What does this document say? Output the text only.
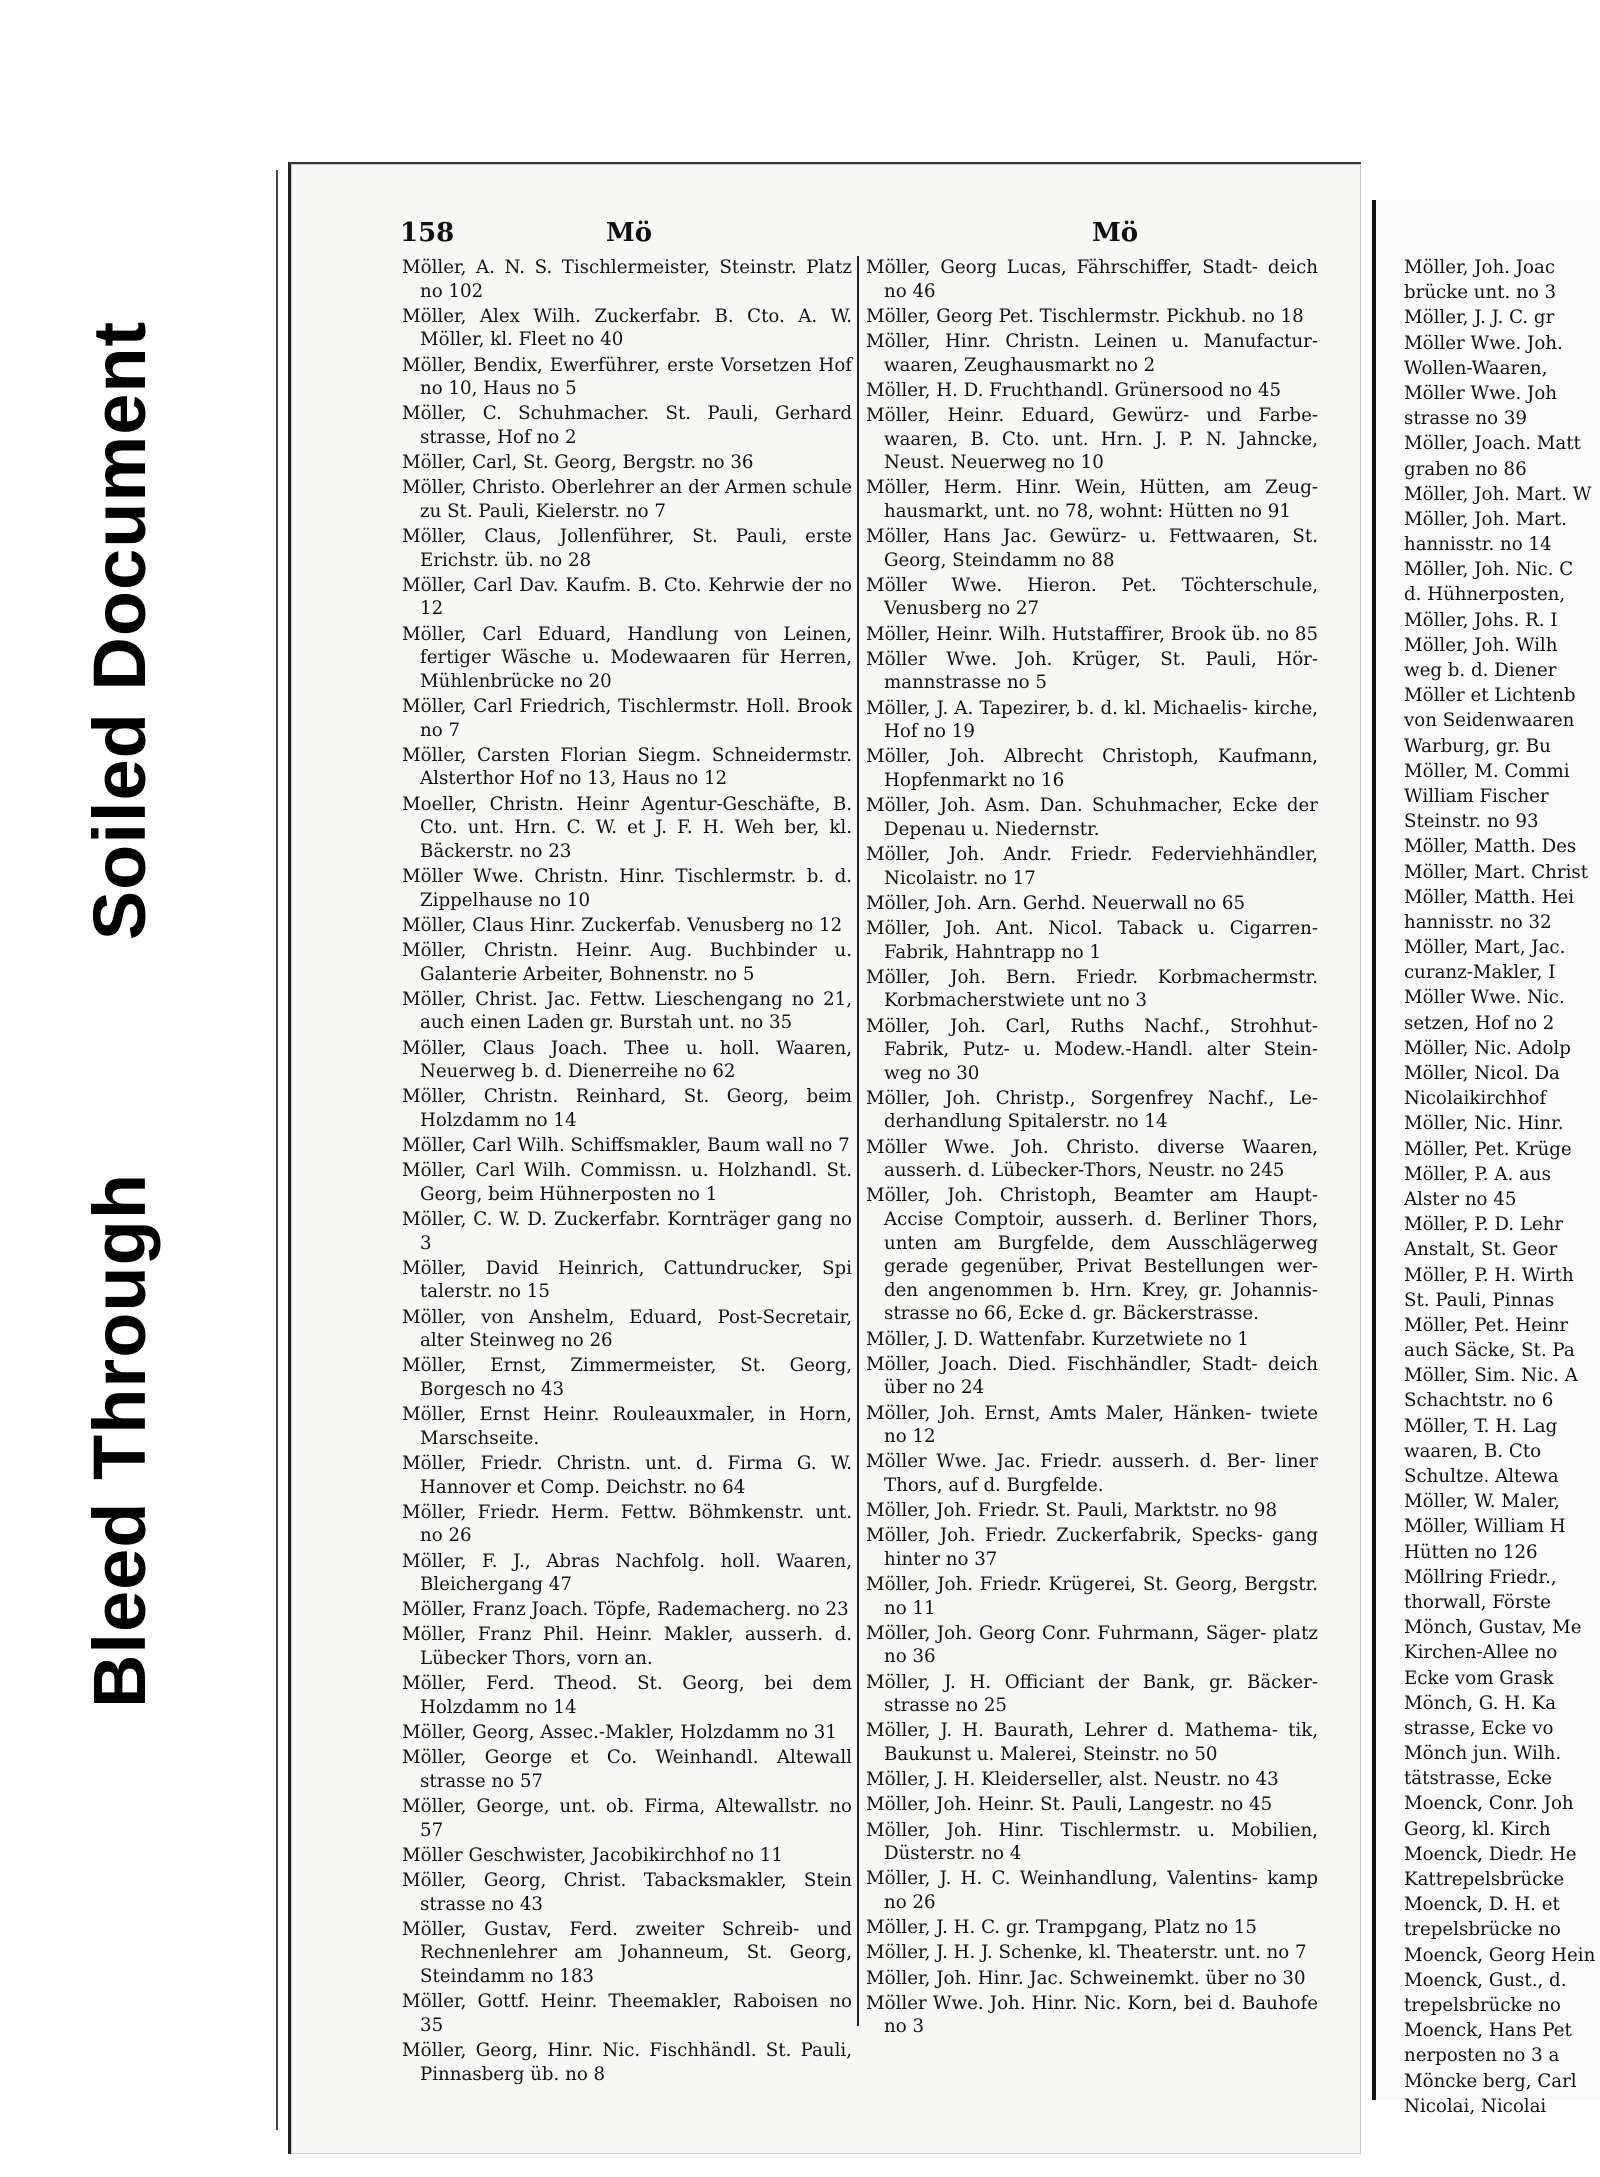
Soiled Document
Bleed Through
158	Mö	Mö
Möller, A. N. S. Tischlermeister, Steinstr. Platz no 102
Möller, Alex Wilh. Zuckerfabr. B. Cto. A. W. Möller, kl. Fleet no 40
Möller, Bendix, Ewerführer, erste Vorsetzen Hof no 10, Haus no 5
Möller, C. Schuhmacher. St. Pauli, Gerhard strasse, Hof no 2
Möller, Carl, St. Georg, Bergstr. no 36
Möller, Christo. Oberlehrer an der Armen schule zu St. Pauli, Kielerstr. no 7
Möller, Claus, Jollenführer, St. Pauli, erste Erichstr. üb. no 28
Möller, Carl Dav. Kaufm. B. Cto. Kehrwie der no 12
Möller, Carl Eduard, Handlung von Leinen, fertiger Wäsche u. Modewaaren für Herren, Mühlenbrücke no 20
Möller, Carl Friedrich, Tischlermstr. Holl. Brook no 7
Möller, Carsten Florian Siegm. Schneidermstr. Alsterthor Hof no 13, Haus no 12
Moeller, Christn. Heinr Agentur-Geschäfte, B. Cto. unt. Hrn. C. W. et J. F. H. Weh ber, kl. Bäckerstr. no 23
Möller Wwe. Christn. Hinr. Tischlermstr. b. d. Zippelhause no 10
Möller, Claus Hinr. Zuckerfab. Venusberg no 12
Möller, Christn. Heinr. Aug. Buchbinder u. Galanterie Arbeiter, Bohnenstr. no 5
Möller, Christ. Jac. Fettw. Lieschengang no 21, auch einen Laden gr. Burstah unt. no 35
Möller, Claus Joach. Thee u. holl. Waaren, Neuerweg b. d. Dienerreihe no 62
Möller, Christn. Reinhard, St. Georg, beim Holzdamm no 14
Möller, Carl Wilh. Schiffsmakler, Baum wall no 7
Möller, Carl Wilh. Commissn. u. Holzhandl. St. Georg, beim Hühnerposten no 1
Möller, C. W. D. Zuckerfabr. Kornträger gang no 3
Möller, David Heinrich, Cattundrucker, Spi talerstr. no 15
Möller, von Anshelm, Eduard, Post-Secretair, alter Steinweg no 26
Möller, Ernst, Zimmermeister, St. Georg, Borgesch no 43
Möller, Ernst Heinr. Rouleauxmaler, in Horn, Marschseite.
Möller, Friedr. Christn. unt. d. Firma G. W. Hannover et Comp. Deichstr. no 64
Möller, Friedr. Herm. Fettw. Böhmkenstr. unt. no 26
Möller, F. J., Abras Nachfolg. holl. Waaren, Bleichergang 47
Möller, Franz Joach. Töpfe, Rademacherg. no 23
Möller, Franz Phil. Heinr. Makler, ausserh. d. Lübecker Thors, vorn an.
Möller, Ferd. Theod. St. Georg, bei dem Holzdamm no 14
Möller, Georg, Assec.-Makler, Holzdamm no 31
Möller, George et Co. Weinhandl. Altewall strasse no 57
Möller, George, unt. ob. Firma, Altewallstr. no 57
Möller Geschwister, Jacobikirchhof no 11
Möller, Georg, Christ. Tabacksmakler, Stein strasse no 43
Möller, Gustav, Ferd. zweiter Schreib- und Rechnenlehrer am Johanneum, St. Georg, Steindamm no 183
Möller, Gottf. Heinr. Theemakler, Raboisen no 35
Möller, Georg, Hinr. Nic. Fischhändl. St. Pauli, Pinnasberg üb. no 8
Möller, Georg Lucas, Fährschiffer, Stadt- deich no 46
Möller, Georg Pet. Tischlermstr. Pickhub. no 18
Möller, Hinr. Christn. Leinen u. Manufactur- waaren, Zeughausmarkt no 2
Möller, H. D. Fruchthandl. Grünersood no 45
Möller, Heinr. Eduard, Gewürz- und Farbe- waaren, B. Cto. unt. Hrn. J. P. N. Jahncke, Neust. Neuerweg no 10
Möller, Herm. Hinr. Wein, Hütten, am Zeug- hausmarkt, unt. no 78, wohnt: Hütten no 91
Möller, Hans Jac. Gewürz- u. Fettwaaren, St. Georg, Steindamm no 88
Möller Wwe. Hieron. Pet. Töchterschule, Venusberg no 27
Möller, Heinr. Wilh. Hutstaffirer, Brook üb. no 85
Möller Wwe. Joh. Krüger, St. Pauli, Hör- mannstrasse no 5
Möller, J. A. Tapezirer, b. d. kl. Michaelis- kirche, Hof no 19
Möller, Joh. Albrecht Christoph, Kaufmann, Hopfenmarkt no 16
Möller, Joh. Asm. Dan. Schuhmacher, Ecke der Depenau u. Niedernstr.
Möller, Joh. Andr. Friedr. Federviehhändler, Nicolaistr. no 17
Möller, Joh. Arn. Gerhd. Neuerwall no 65
Möller, Joh. Ant. Nicol. Taback u. Cigarren- Fabrik, Hahntrapp no 1
Möller, Joh. Bern. Friedr. Korbmachermstr. Korbmacherstwiete unt no 3
Möller, Joh. Carl, Ruths Nachf., Strohhut- Fabrik, Putz- u. Modew.-Handl. alter Stein- weg no 30
Möller, Joh. Christp., Sorgenfrey Nachf., Le- derhandlung Spitalerstr. no 14
Möller Wwe. Joh. Christo. diverse Waaren, ausserh. d. Lübecker-Thors, Neustr. no 245
Möller, Joh. Christoph, Beamter am Haupt- Accise Comptoir, ausserh. d. Berliner Thors, unten am Burgfelde, dem Ausschlägerweg gerade gegenüber, Privat Bestellungen wer- den angenommen b. Hrn. Krey, gr. Johannis- strasse no 66, Ecke d. gr. Bäckerstrasse.
Möller, J. D. Wattenfabr. Kurzetwiete no 1
Möller, Joach. Died. Fischhändler, Stadt- deich über no 24
Möller, Joh. Ernst, Amts Maler, Hänken- twiete no 12
Möller Wwe. Jac. Friedr. ausserh. d. Ber- liner Thors, auf d. Burgfelde.
Möller, Joh. Friedr. St. Pauli, Marktstr. no 98
Möller, Joh. Friedr. Zuckerfabrik, Specks- gang hinter no 37
Möller, Joh. Friedr. Krügerei, St. Georg, Bergstr. no 11
Möller, Joh. Georg Conr. Fuhrmann, Säger- platz no 36
Möller, J. H. Officiant der Bank, gr. Bäcker- strasse no 25
Möller, J. H. Baurath, Lehrer d. Mathema- tik, Baukunst u. Malerei, Steinstr. no 50
Möller, J. H. Kleiderseller, alst. Neustr. no 43
Möller, Joh. Heinr. St. Pauli, Langestr. no 45
Möller, Joh. Hinr. Tischlermstr. u. Mobilien, Düsterstr. no 4
Möller, J. H. C. Weinhandlung, Valentins- kamp no 26
Möller, J. H. C. gr. Trampgang, Platz no 15
Möller, J. H. J. Schenke, kl. Theaterstr. unt. no 7
Möller, Joh. Hinr. Jac. Schweinemkt. über no 30
Möller Wwe. Joh. Hinr. Nic. Korn, bei d. Bauhofe no 3
Möller, Joh. Joac
brücke unt. no 3
Möller, J. J. C. gr
Möller Wwe. Joh.
Wollen-Waaren,
Möller Wwe. Joh
strasse no 39
Möller, Joach. Matt
graben no 86
Möller, Joh. Mart. W
Möller, Joh. Mart.
hannisstr. no 14
Möller, Joh. Nic. C
d. Hühnerposten,
Möller, Johs. R. I
Möller, Joh. Wilh
weg b. d. Diener
Möller et Lichtenb
von Seidenwaaren
Warburg, gr. Bu
Möller, M. Commi
William Fischer
Steinstr. no 93
Möller, Matth. Des
Möller, Mart. Christ
Möller, Matth. Hei
hannisstr. no 32
Möller, Mart, Jac.
curanz-Makler, I
Möller Wwe. Nic.
setzen, Hof no 2
Möller, Nic. Adolp
Möller, Nicol. Da
Nicolaikirchhof
Möller, Nic. Hinr.
Möller, Pet. Krüge
Möller, P. A. aus
Alster no 45
Möller, P. D. Lehr
Anstalt, St. Geor
Möller, P. H. Wirth
St. Pauli, Pinnas
Möller, Pet. Heinr
auch Säcke, St. Pa
Möller, Sim. Nic. A
Schachtstr. no 6
Möller, T. H. Lag
waaren, B. Cto
Schultze. Altewa
Möller, W. Maler,
Möller, William H
Hütten no 126
Möllring Friedr.,
thorwall, Förste
Mönch, Gustav, Me
Kirchen-Allee no
Ecke vom Grask
Mönch, G. H. Ka
strasse, Ecke vo
Mönch jun. Wilh.
tätstrasse, Ecke
Moenck, Conr. Joh
Georg, kl. Kirch
Moenck, Diedr. He
Kattrepelsbrücke
Moenck, D. H. et
trepelsbrücke no
Moenck, Georg Hein
Moenck, Gust., d.
trepelsbrücke no
Moenck, Hans Pet
nerposten no 3 a
Möncke berg, Carl
Nicolai, Nicolai
